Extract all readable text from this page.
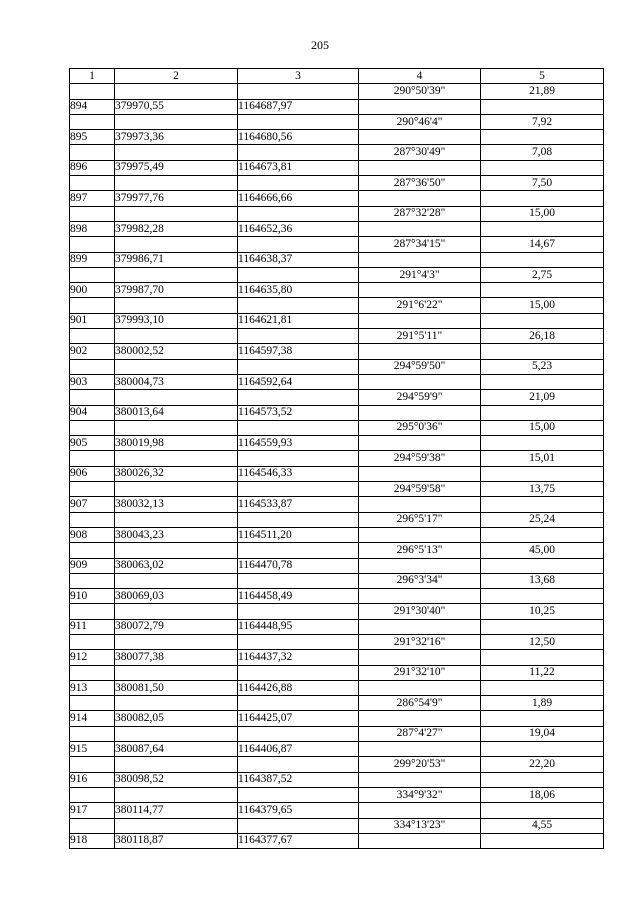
205
1	2	3	4	5
			290°50'39"	21,89
894	379970,55	1164687,97		
			290°46'4"	7,92
895	379973,36	1164680,56		
			287°30'49"	7,08
896	379975,49	1164673,81		
			287°36'50"	7,50
897	379977,76	1164666,66		
			287°32'28"	15,00
898	379982,28	1164652,36		
			287°34'15"	14,67
899	379986,71	1164638,37		
			291°4'3"	2,75
900	379987,70	1164635,80		
			291°6'22"	15,00
901	379993,10	1164621,81		
			291°5'11"	26,18
902	380002,52	1164597,38		
			294°59'50"	5,23
903	380004,73	1164592,64		
			294°59'9"	21,09
904	380013,64	1164573,52		
			295°0'36"	15,00
905	380019,98	1164559,93		
			294°59'38"	15,01
906	380026,32	1164546,33		
			294°59'58"	13,75
907	380032,13	1164533,87		
			296°5'17"	25,24
908	380043,23	1164511,20		
			296°5'13"	45,00
909	380063,02	1164470,78		
			296°3'34"	13,68
910	380069,03	1164458,49		
			291°30'40"	10,25
911	380072,79	1164448,95		
			291°32'16"	12,50
912	380077,38	1164437,32		
			291°32'10"	11,22
913	380081,50	1164426,88		
			286°54'9"	1,89
914	380082,05	1164425,07		
			287°4'27"	19,04
915	380087,64	1164406,87		
			299°20'53"	22,20
916	380098,52	1164387,52		
			334°9'32"	18,06
917	380114,77	1164379,65		
			334°13'23"	4,55
918	380118,87	1164377,67		
